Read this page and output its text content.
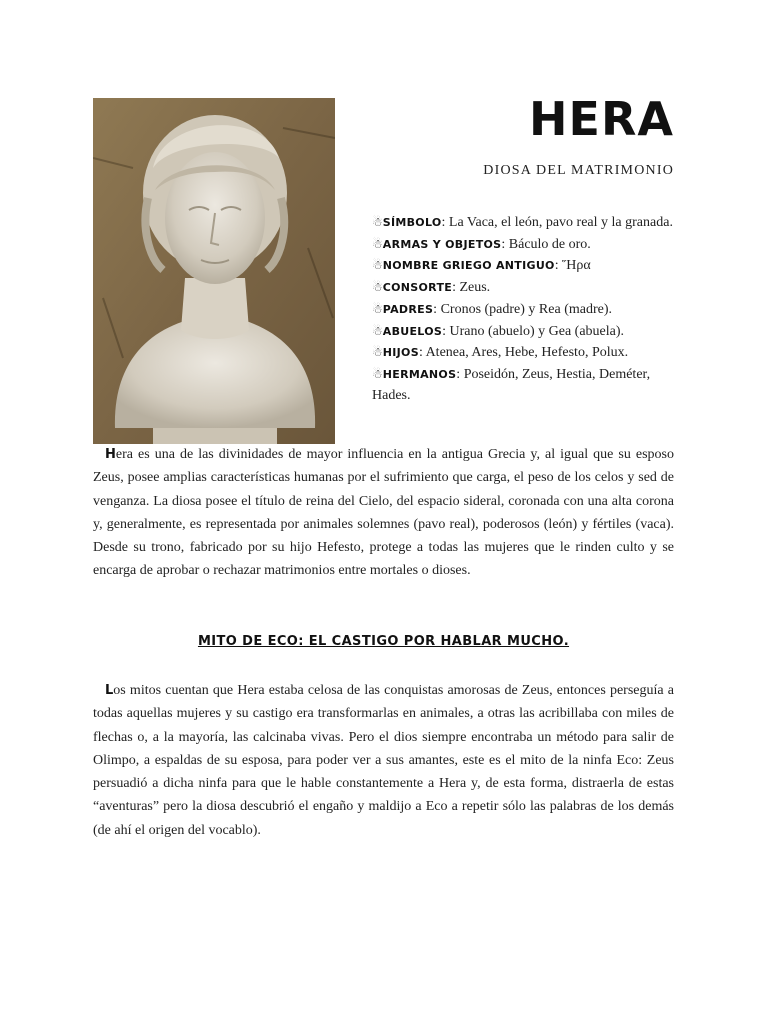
HERA
DIOSA DEL MATRIMONIO
☃SÍMBOLO: La Vaca, el león, pavo real y la granada.
☃ARMAS Y OBJETOS: Báculo de oro.
☃NOMBRE GRIEGO ANTIGUO: Ἥρα
☃CONSORTE: Zeus.
☃PADRES: Cronos (padre) y Rea (madre).
☃ABUELOS: Urano (abuelo) y Gea (abuela).
☃HIJOS: Atenea, Ares, Hebe, Hefesto, Polux.
☃HERMANOS: Poseidón, Zeus, Hestia, Deméter, Hades.
Hera es una de las divinidades de mayor influencia en la antigua Grecia y, al igual que su esposo Zeus, posee amplias características humanas por el sufrimiento que carga, el peso de los celos y sed de venganza. La diosa posee el título de reina del Cielo, del espacio sideral, coronada con una alta corona y, generalmente, es representada por animales solemnes (pavo real), poderosos (león) y fértiles (vaca). Desde su trono, fabricado por su hijo Hefesto, protege a todas las mujeres que le rinden culto y se encarga de aprobar o rechazar matrimonios entre mortales o dioses.
MITO DE ECO: EL CASTIGO POR HABLAR MUCHO.
Los mitos cuentan que Hera estaba celosa de las conquistas amorosas de Zeus, entonces perseguía a todas aquellas mujeres y su castigo era transformarlas en animales, a otras las acribillaba con miles de flechas o, a la mayoría, las calcinaba vivas. Pero el dios siempre encontraba un método para salir de Olimpo, a espaldas de su esposa, para poder ver a sus amantes, este es el mito de la ninfa Eco: Zeus persuadió a dicha ninfa para que le hable constantemente a Hera y, de esta forma, distraerla de estas “aventuras” pero la diosa descubrió el engaño y maldijo a Eco a repetir sólo las palabras de los demás (de ahí el origen del vocablo).
